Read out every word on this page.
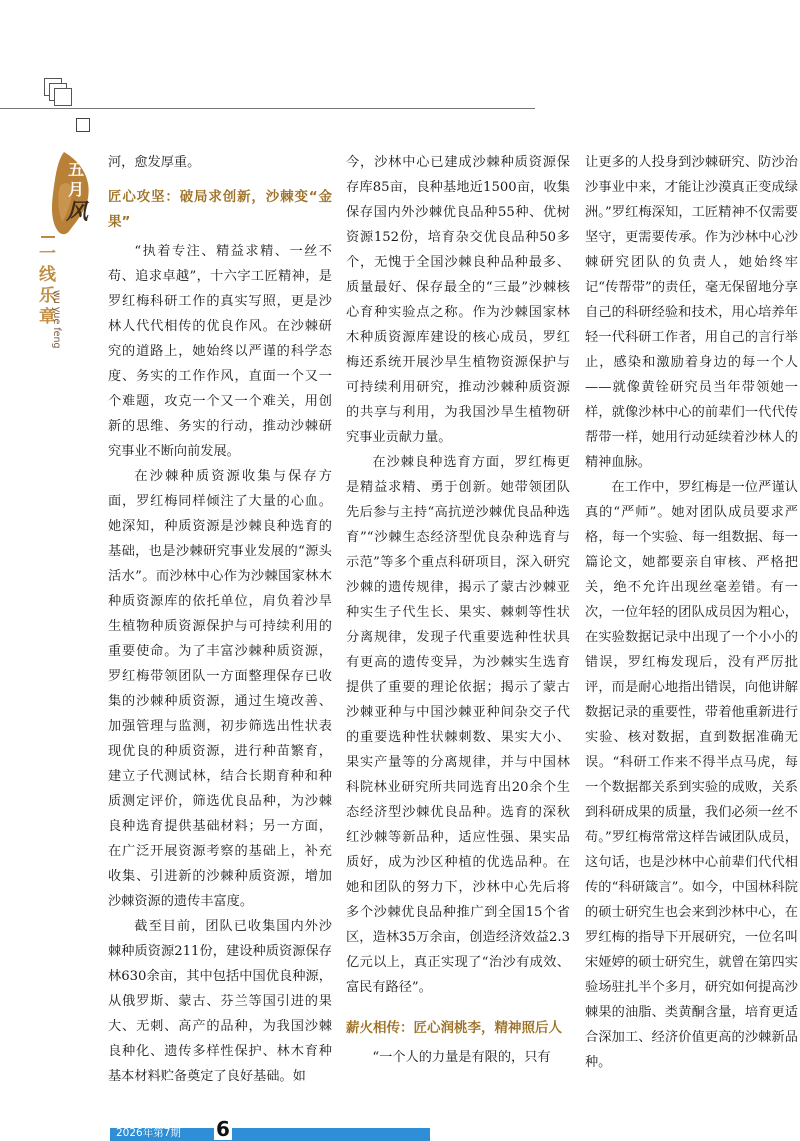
五
月
风
一线乐章
wu yue feng

河，愈发厚重。

匠心攻坚：破局求创新，沙棘变“金果”

“执着专注、精益求精、一丝不苟、追求卓越”，十六字工匠精神，是罗红梅科研工作的真实写照，更是沙林人代代相传的优良作风。在沙棘研究的道路上，她始终以严谨的科学态度、务实的工作作风，直面一个又一个难题，攻克一个又一个难关，用创新的思维、务实的行动，推动沙棘研究事业不断向前发展。

在沙棘种质资源收集与保存方面，罗红梅同样倾注了大量的心血。她深知，种质资源是沙棘良种选育的基础，也是沙棘研究事业发展的“源头活水”。而沙林中心作为沙棘国家林木种质资源库的依托单位，肩负着沙旱生植物种质资源保护与可持续利用的重要使命。为了丰富沙棘种质资源，罗红梅带领团队一方面整理保存已收集的沙棘种质资源，通过生境改善、加强管理与监测，初步筛选出性状表现优良的种质资源，进行种苗繁育，建立子代测试林，结合长期育种和种质测定评价，筛选优良品种，为沙棘良种选育提供基础材料；另一方面，在广泛开展资源考察的基础上，补充收集、引进新的沙棘种质资源，增加沙棘资源的遗传丰富度。

截至目前，团队已收集国内外沙棘种质资源211份，建设种质资源保存林630余亩，其中包括中国优良种源，从俄罗斯、蒙古、芬兰等国引进的果大、无刺、高产的品种，为我国沙棘良种化、遗传多样性保护、林木育种基本材料贮备奠定了良好基础。如

今，沙林中心已建成沙棘种质资源保存库85亩，良种基地近1500亩，收集保存国内外沙棘优良品种55种、优树资源152份，培育杂交优良品种50多个，无愧于全国沙棘良种品种最多、质量最好、保存最全的“三最”沙棘核心育种实验点之称。作为沙棘国家林木种质资源库建设的核心成员，罗红梅还系统开展沙旱生植物资源保护与可持续利用研究，推动沙棘种质资源的共享与利用，为我国沙旱生植物研究事业贡献力量。

在沙棘良种选育方面，罗红梅更是精益求精、勇于创新。她带领团队先后参与主持“高抗逆沙棘优良品种选育”“沙棘生态经济型优良杂种选育与示范”等多个重点科研项目，深入研究沙棘的遗传规律，揭示了蒙古沙棘亚种实生子代生长、果实、棘刺等性状分离规律，发现子代重要选种性状具有更高的遗传变异，为沙棘实生选育提供了重要的理论依据；揭示了蒙古沙棘亚种与中国沙棘亚种间杂交子代的重要选种性状棘刺数、果实大小、果实产量等的分离规律，并与中国林科院林业研究所共同选育出20余个生态经济型沙棘优良品种。选育的深秋红沙棘等新品种，适应性强、果实品质好，成为沙区种植的优选品种。在她和团队的努力下，沙林中心先后将多个沙棘优良品种推广到全国15个省区，造林35万余亩，创造经济效益2.3亿元以上，真正实现了“治沙有成效、富民有路径”。

薪火相传：匠心润桃李，精神照后人

“一个人的力量是有限的，只有

让更多的人投身到沙棘研究、防沙治沙事业中来，才能让沙漠真正变成绿洲。”罗红梅深知，工匠精神不仅需要坚守，更需要传承。作为沙林中心沙棘研究团队的负责人，她始终牢记“传帮带”的责任，毫无保留地分享自己的科研经验和技术，用心培养年轻一代科研工作者，用自己的言行举止，感染和激励着身边的每一个人——就像黄铨研究员当年带领她一样，就像沙林中心的前辈们一代代传帮带一样，她用行动延续着沙林人的精神血脉。

在工作中，罗红梅是一位严谨认真的“严师”。她对团队成员要求严格，每一个实验、每一组数据、每一篇论文，她都要亲自审核、严格把关，绝不允许出现丝毫差错。有一次，一位年轻的团队成员因为粗心，在实验数据记录中出现了一个小小的错误，罗红梅发现后，没有严厉批评，而是耐心地指出错误，向他讲解数据记录的重要性，带着他重新进行实验、核对数据，直到数据准确无误。“科研工作来不得半点马虎，每一个数据都关系到实验的成败，关系到科研成果的质量，我们必须一丝不苟。”罗红梅常常这样告诫团队成员，这句话，也是沙林中心前辈们代代相传的“科研箴言”。如今，中国林科院的硕士研究生也会来到沙林中心，在罗红梅的指导下开展研究，一位名叫宋娅婷的硕士研究生，就曾在第四实验场驻扎半个多月，研究如何提高沙棘果的油脂、类黄酮含量，培育更适合深加工、经济价值更高的沙棘新品种。

2026年第7期 6
